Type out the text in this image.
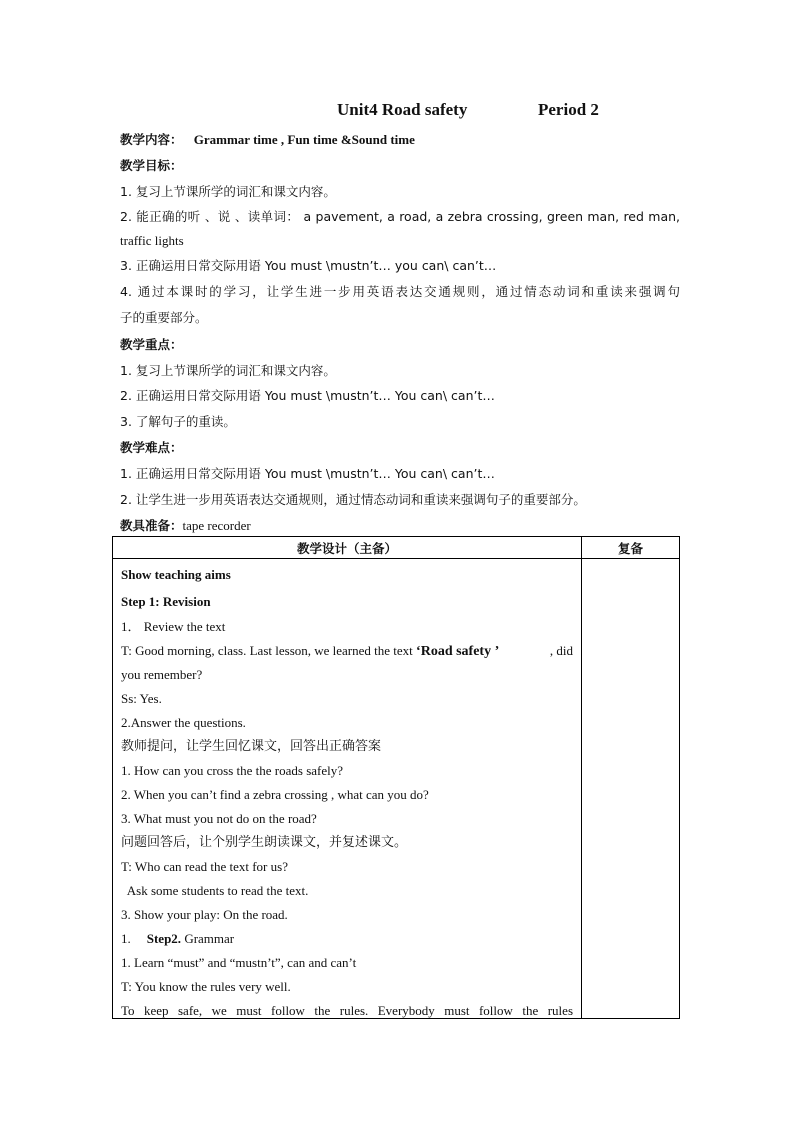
Unit4 Road safety	Period 2
教学内容： Grammar time , Fun time &Sound time
教学目标：
1. 复习上节课所学的词汇和课文内容。
2. 能正确的听 、说 、读单词： a pavement, a road, a zebra crossing, green man, red man,
traffic lights
3. 正确运用日常交际用语 You must \mustn’t… you can\ can’t…
4. 通过本课时的学习，让学生进一步用英语表达交通规则，通过情态动词和重读来强调句
子的重要部分。
教学重点：
1. 复习上节课所学的词汇和课文内容。
2. 正确运用日常交际用语 You must \mustn’t… You can\ can’t…
3. 了解句子的重读。
教学难点：
1. 正确运用日常交际用语 You must \mustn’t… You can\ can’t…
2. 让学生进一步用英语表达交通规则，通过情态动词和重读来强调句子的重要部分。
教具准备：tape recorder
教学设计（主备）	复备
Show teaching aims
Step 1: Revision
1． Review the text
T: Good morning, class. Last lesson, we learned the text ‘Road safety ’	, did
you remember?
Ss: Yes.
2.Answer the questions.
教师提问，让学生回忆课文，回答出正确答案
1. How can you cross the the roads safely?
2. When you can’t find a zebra crossing , what can you do?
3. What must you not do on the road?
问题回答后，让个别学生朗读课文，并复述课文。
T: Who can read the text for us?
Ask some students to read the text.
3. Show your play: On the road.
1. Step2. Grammar
1. Learn “must” and “mustn’t”, can and can’t
T: You know the rules very well.
To keep safe, we must follow the rules. Everybody must follow the rules
